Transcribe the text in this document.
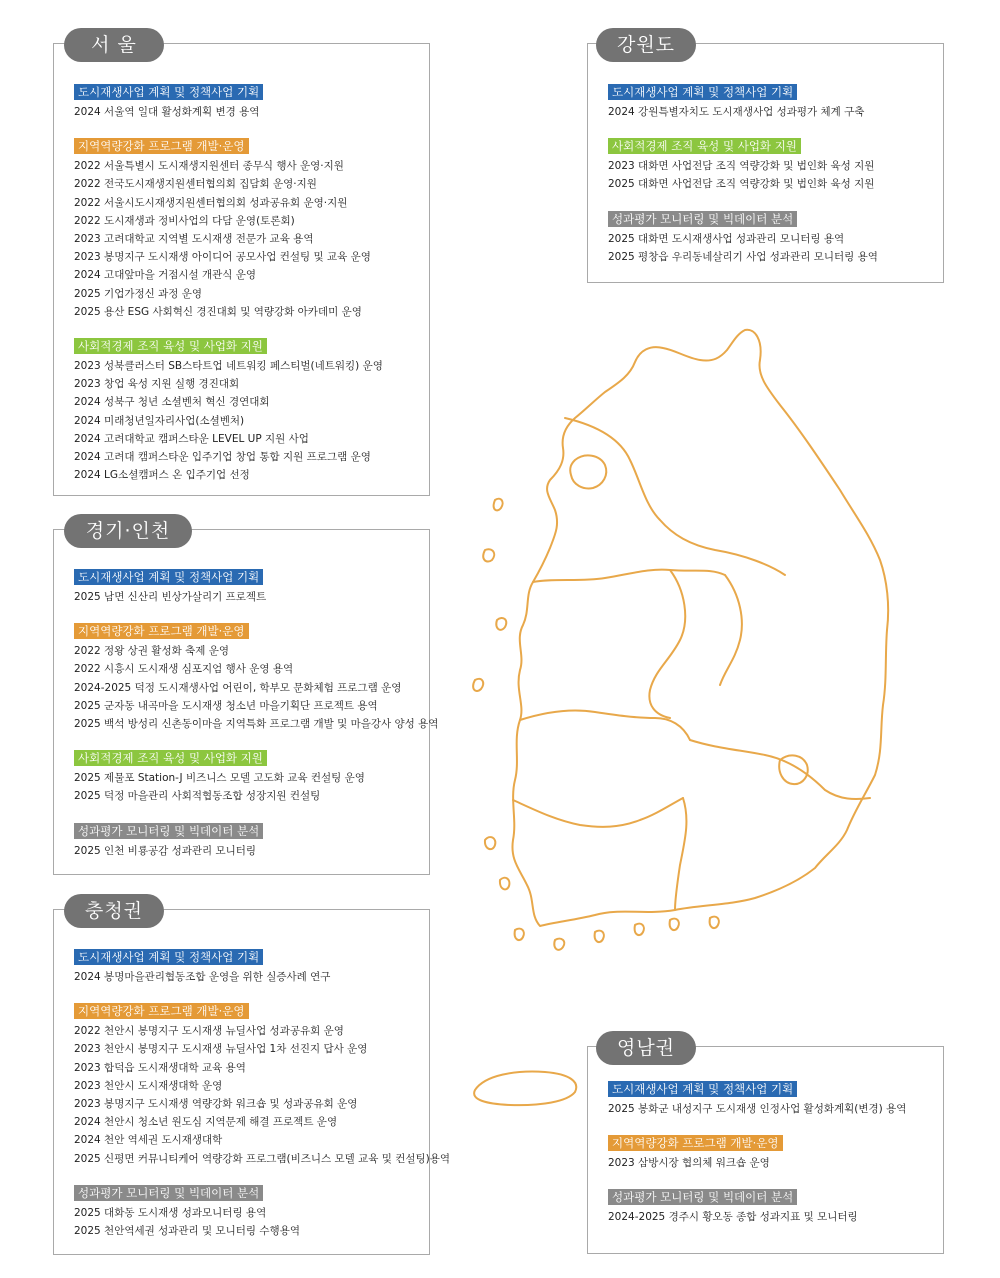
서 울
도시재생사업 계획 및 정책사업 기획

2024 서울역 일대 활성화계획 변경 용역
지역역량강화 프로그램 개발·운영

2022 서울특별시 도시재생지원센터 종무식 행사 운영·지원
2022 전국도시재생지원센터협의회 집담회 운영·지원
2022 서울시도시재생지원센터협의회 성과공유회 운영·지원
2022 도시재생과 정비사업의 다담 운영(토론회)
2023 고려대학교 지역별 도시재생 전문가 교육 용역
2023 봉명지구 도시재생 아이디어 공모사업 컨설팅 및 교육 운영
2024 고대앞마을 거점시설 개관식 운영
2025 기업가정신 과정 운영
2025 용산 ESG 사회혁신 경진대회 및 역량강화 아카데미 운영
사회적경제 조직 육성 및 사업화 지원

2023 성북클러스터 SB스타트업 네트워킹 페스티벌(네트워킹) 운영
2023 창업 육성 지원 실행 경진대회
2024 성북구 청년 소셜벤처 혁신 경연대회
2024 미래청년일자리사업(소셜벤처)
2024 고려대학교 캠퍼스타운 LEVEL UP 지원 사업
2024 고려대 캠퍼스타운 입주기업 창업 통합 지원 프로그램 운영
2024 LG소셜캠퍼스 온 입주기업 선정
경기·인천
도시재생사업 계획 및 정책사업 기획

2025 남면 신산리 빈상가살리기 프로젝트
지역역량강화 프로그램 개발·운영

2022 정왕 상권 활성화 축제 운영
2022 시흥시 도시재생 심포지엄 행사 운영 용역
2024-2025 덕정 도시재생사업 어린이, 학부모 문화체험 프로그램 운영
2025 군자동 내곡마을 도시재생 청소년 마을기획단 프로젝트 용역
2025 백석 방성리 신촌동이마을 지역특화 프로그램 개발 및 마을강사 양성 용역
사회적경제 조직 육성 및 사업화 지원

2025 제물포 Station-J 비즈니스 모델 고도화 교육 컨설팅 운영
2025 덕정 마을관리 사회적협동조합 성장지원 컨설팅
성과평가 모니터링 및 빅데이터 분석

2025 인천 비룡공감 성과관리 모니터링
충청권
도시재생사업 계획 및 정책사업 기획

2024 봉명마을관리협동조합 운영을 위한 실증사례 연구
지역역량강화 프로그램 개발·운영

2022 천안시 봉명지구 도시재생 뉴딜사업 성과공유회 운영
2023 천안시 봉명지구 도시재생 뉴딜사업 1차 선진지 답사 운영
2023 합덕읍 도시재생대학 교육 용역
2023 천안시 도시재생대학 운영
2023 봉명지구 도시재생 역량강화 워크숍 및 성과공유회 운영
2024 천안시 청소년 원도심 지역문제 해결 프로젝트 운영
2024 천안 역세권 도시재생대학
2025 신평면 커뮤니티케어 역량강화 프로그램(비즈니스 모델 교육 및 컨설팅)용역
성과평가 모니터링 및 빅데이터 분석

2025 대화동 도시재생 성과모니터링 용역
2025 천안역세권 성과관리 및 모니터링 수행용역
강원도
도시재생사업 계획 및 정책사업 기획

2024 강원특별자치도 도시재생사업 성과평가 체계 구축
사회적경제 조직 육성 및 사업화 지원

2023 대화면 사업전담 조직 역량강화 및 법인화 육성 지원
2025 대화면 사업전담 조직 역량강화 및 법인화 육성 지원
성과평가 모니터링 및 빅데이터 분석

2025 대화면 도시재생사업 성과관리 모니터링 용역
2025 평창읍 우리동네살리기 사업 성과관리 모니터링 용역
영남권
도시재생사업 계획 및 정책사업 기획

2025 봉화군 내성지구 도시재생 인정사업 활성화계획(변경) 용역
지역역량강화 프로그램 개발·운영

2023 삼방시장 협의체 워크숍 운영
성과평가 모니터링 및 빅데이터 분석

2024-2025 경주시 황오동 종합 성과지표 및 모니터링
